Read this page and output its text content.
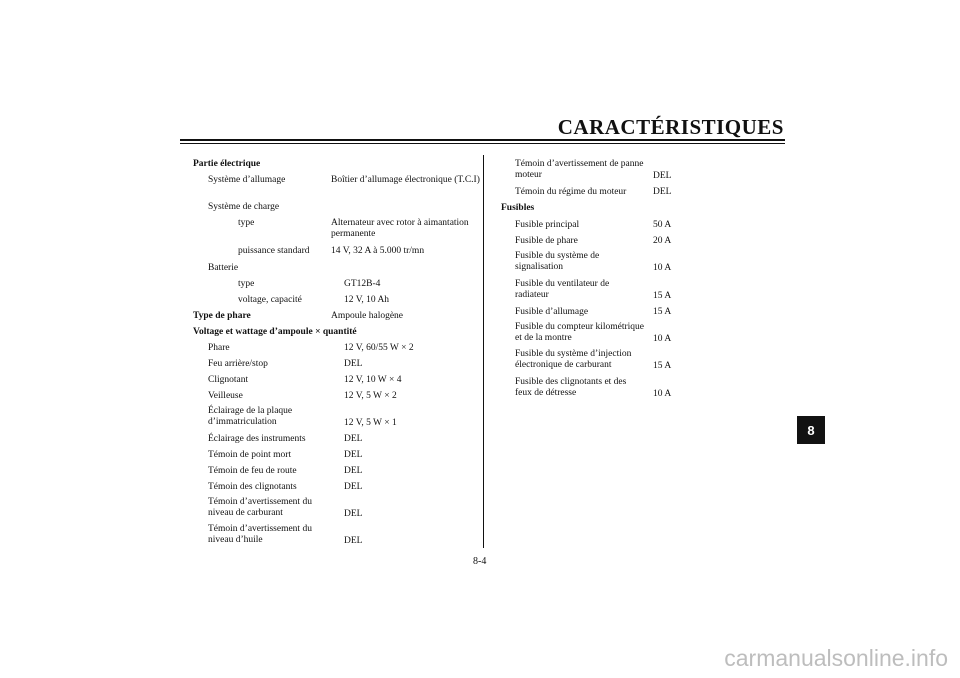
CARACTÉRISTIQUES
Partie électrique
Système d’allumage	Boîtier d’allumage électronique (T.C.I)
Système de charge
type	Alternateur avec rotor à aimantation permanente
puissance standard 14 V, 32 A à 5.000 tr/mn
Batterie
type	GT12B-4
voltage, capacité	12 V, 10 Ah
Type de phare	Ampoule halogène
Voltage et wattage d’ampoule × quantité
Phare	12 V, 60/55 W × 2
Feu arrière/stop	DEL
Clignotant	12 V, 10 W × 4
Veilleuse	12 V, 5 W × 2
Éclairage de la plaque d’immatriculation	12 V, 5 W × 1
Éclairage des instruments	DEL
Témoin de point mort	DEL
Témoin de feu de route	DEL
Témoin des clignotants	DEL
Témoin d’avertissement du niveau de carburant	DEL
Témoin d’avertissement du niveau d’huile	DEL
Témoin d’avertissement de panne moteur	DEL
Témoin du régime du moteur	DEL
Fusibles
Fusible principal	50 A
Fusible de phare	20 A
Fusible du système de signalisation	10 A
Fusible du ventilateur de radiateur	15 A
Fusible d’allumage	15 A
Fusible du compteur kilométrique et de la montre	10 A
Fusible du système d’injection électronique de carburant	15 A
Fusible des clignotants et des feux de détresse	10 A
8-4
8
carmanualsonline.info
